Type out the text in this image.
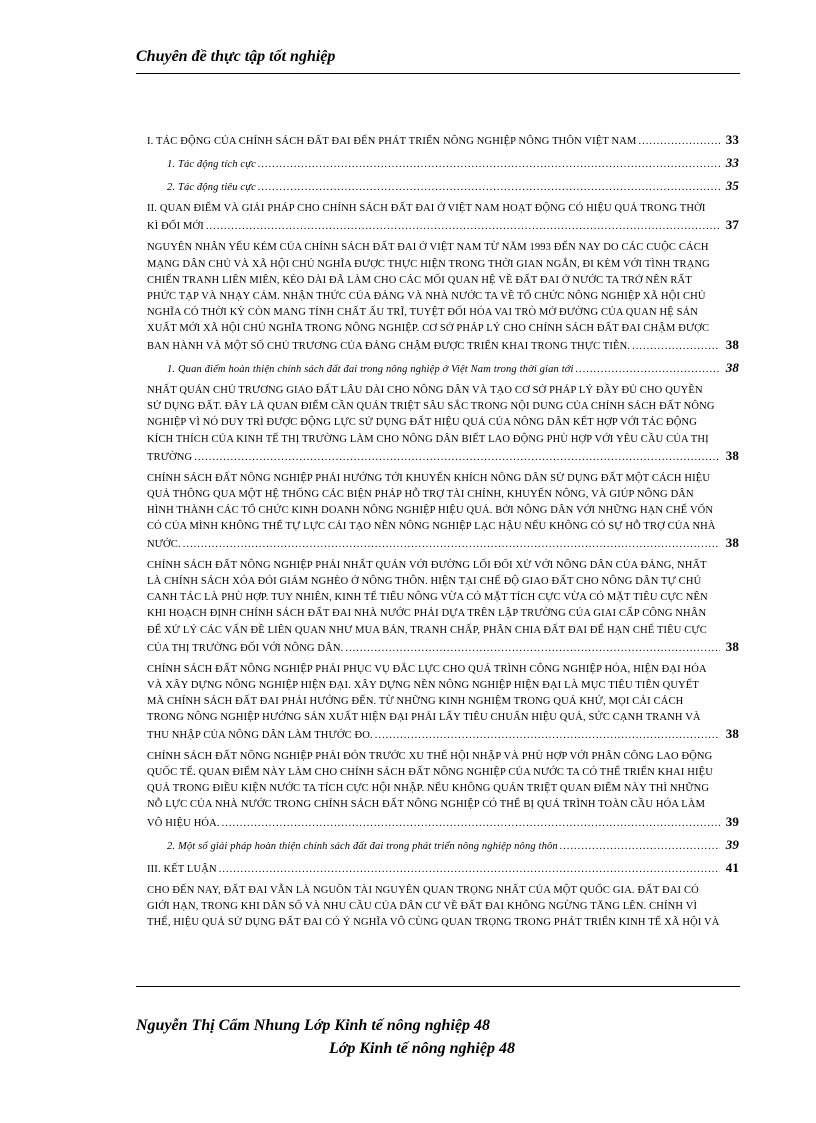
Chuyên đề thực tập tốt nghiệp
I. TÁC ĐỘNG CỦA CHÍNH SÁCH ĐẤT ĐAI ĐẾN PHÁT TRIỂN NÔNG NGHIỆP NÔNG THÔN VIỆT NAM .....	33
1. Tác động tích cực .....	33
2. Tác động tiêu cực .....	35
II. QUAN ĐIỂM VÀ GIẢI PHÁP CHO CHÍNH SÁCH ĐẤT ĐAI Ở VIỆT NAM HOẠT ĐỘNG CÓ HIỆU QUẢ TRONG THỜI
KÌ ĐỔI MỚI .....	37
NGUYÊN NHÂN YẾU KÉM CỦA CHÍNH SÁCH ĐẤT ĐAI Ở VIỆT NAM TỪ NĂM 1993 ĐẾN NAY DO CÁC CUỘC CÁCH
MẠNG DÂN CHỦ VÀ XÃ HỘI CHỦ NGHĨA ĐƯỢC THỰC HIỆN TRONG THỜI GIAN NGẮN, ĐI KÈM VỚI TÌNH TRẠNG
CHIẾN TRANH LIÊN MIÊN, KÉO DÀI ĐÃ LÀM CHO CÁC MỐI QUAN HỆ VỀ ĐẤT ĐAI Ở NƯỚC TA TRỞ NÊN RẤT
PHỨC TẠP VÀ NHẠY CẢM. NHẬN THỨC CỦA ĐẢNG VÀ NHÀ NƯỚC TA VỀ TỔ CHỨC NÔNG NGHIỆP XÃ HỘI CHỦ
NGHĨA CÓ THỜI KỲ CÒN MANG TÍNH CHẤT ẤU TRĨ, TUYỆT ĐỐI HÓA VAI TRÒ MỞ ĐƯỜNG CỦA QUAN HỆ SẢN
XUẤT MỚI XÃ HỘI CHỦ NGHĨA TRONG NÔNG NGHIỆP. CƠ SỞ PHÁP LÝ CHO CHÍNH SÁCH ĐẤT ĐAI CHẬM ĐƯỢC
BAN HÀNH VÀ MỘT SỐ CHỦ TRƯƠNG CỦA ĐẢNG CHẬM ĐƯỢC TRIỂN KHAI TRONG THỰC TIỄN. .....	38
1. Quan điểm hoàn thiện chính sách đất đai trong nông nghiệp ở Việt Nam trong thời gian tới .....	38
NHẤT QUÁN CHỦ TRƯƠNG GIAO ĐẤT LÂU DÀI CHO NÔNG DÂN VÀ TẠO CƠ SỞ PHÁP LÝ ĐẦY ĐỦ CHO QUYỀN
SỬ DỤNG ĐẤT. ĐÂY LÀ QUAN ĐIỂM CẦN QUÁN TRIỆT SÂU SẮC TRONG NỘI DUNG CỦA CHÍNH SÁCH ĐẤT NÔNG
NGHIỆP VÌ NÓ DUY TRÌ ĐƯỢC ĐỘNG LỰC SỬ DỤNG ĐẤT HIỆU QUẢ CỦA NÔNG DÂN KẾT HỢP VỚI TÁC ĐỘNG
KÍCH THÍCH CỦA KINH TẾ THỊ TRƯỜNG LÀM CHO NÔNG DÂN BIẾT LAO ĐỘNG PHÙ HỢP VỚI YÊU CẦU CỦA THỊ
TRƯỜNG .....	38
CHÍNH SÁCH ĐẤT NÔNG NGHIỆP PHẢI HƯỚNG TỚI KHUYẾN KHÍCH NÔNG DÂN SỬ DỤNG ĐẤT MỘT CÁCH HIỆU
QUẢ THÔNG QUA MỘT HỆ THỐNG CÁC BIỆN PHÁP HỖ TRỢ TÀI CHÍNH, KHUYẾN NÔNG, VÀ GIÚP NÔNG DÂN
HÌNH THÀNH CÁC TỔ CHỨC KINH DOANH NÔNG NGHIỆP HIỆU QUẢ. BỞI NÔNG DÂN VỚI NHỮNG HẠN CHẾ VỐN
CÓ CỦA MÌNH KHÔNG THỂ TỰ LỰC CẢI TẠO NỀN NÔNG NGHIỆP LẠC HẬU NẾU KHÔNG CÓ SỰ HỖ TRỢ CỦA NHÀ
NƯỚC. .....	38
CHÍNH SÁCH ĐẤT NÔNG NGHIỆP PHẢI NHẤT QUÁN VỚI ĐƯỜNG LỐI ĐỐI XỬ VỚI NÔNG DÂN CỦA ĐẢNG, NHẤT
LÀ CHÍNH SÁCH XÓA ĐÓI GIẢM NGHÈO Ở NÔNG THÔN. HIỆN TẠI CHẾ ĐỘ GIAO ĐẤT CHO NÔNG DÂN TỰ CHỦ
CANH TÁC LÀ PHÙ HỢP. TUY NHIÊN, KINH TẾ TIỂU NÔNG VỪA CÓ MẶT TÍCH CỰC VỪA CÓ MẶT TIÊU CỰC NÊN
KHI HOẠCH ĐỊNH CHÍNH SÁCH ĐẤT ĐAI NHÀ NƯỚC PHẢI DỰA TRÊN LẬP TRƯỜNG CỦA GIAI CẤP CÔNG NHÂN
ĐỂ XỬ LÝ CÁC VẤN ĐỀ LIÊN QUAN NHƯ MUA BÁN, TRANH CHẤP, PHÂN CHIA ĐẤT ĐAI ĐỂ HẠN CHẾ TIÊU CỰC
CỦA THỊ TRƯỜNG ĐỐI VỚI NÔNG DÂN. .....	38
CHÍNH SÁCH ĐẤT NÔNG NGHIỆP PHẢI PHỤC VỤ ĐẮC LỰC CHO QUÁ TRÌNH CÔNG NGHIỆP HÓA, HIỆN ĐẠI HÓA
VÀ XÂY DỰNG NÔNG NGHIỆP HIỆN ĐẠI. XÂY DỰNG NỀN NÔNG NGHIỆP HIỆN ĐẠI LÀ MỤC TIÊU TIÊN QUYẾT
MÀ CHÍNH SÁCH ĐẤT ĐAI PHẢI HƯỚNG ĐẾN. TỪ NHỮNG KINH NGHIỆM TRONG QUÁ KHỨ, MỌI CẢI CÁCH
TRONG NÔNG NGHIỆP HƯỚNG SẢN XUẤT HIỆN ĐẠI PHẢI LẤY TIÊU CHUẨN HIỆU QUẢ, SỨC CẠNH TRANH VÀ
THU NHẬP CỦA NÔNG DÂN LÀM THƯỚC ĐO. .....	38
CHÍNH SÁCH ĐẤT NÔNG NGHIỆP PHẢI ĐÓN TRƯỚC XU THẾ HỘI NHẬP VÀ PHÙ HỢP VỚI PHÂN CÔNG LAO ĐỘNG
QUỐC TẾ. QUAN ĐIỂM NÀY LÀM CHO CHÍNH SÁCH ĐẤT NÔNG NGHIỆP CỦA NƯỚC TA CÓ THỂ TRIỂN KHAI HIỆU
QUẢ TRONG ĐIỀU KIỆN NƯỚC TA TÍCH CỰC HỘI NHẬP. NẾU KHÔNG QUÁN TRIỆT QUAN ĐIỂM NÀY THÌ NHỮNG
NỖ LỰC CỦA NHÀ NƯỚC TRONG CHÍNH SÁCH ĐẤT NÔNG NGHIỆP CÓ THỂ BỊ QUÁ TRÌNH TOÀN CẦU HÓA LÀM
VÔ HIỆU HÓA. .....	39
2. Một số giải pháp hoàn thiện chính sách đất đai trong phát triển nông nghiệp nông thôn .....	39
III. KẾT LUẬN .....	41
CHO ĐẾN NAY, ĐẤT ĐAI VẪN LÀ NGUỒN TÀI NGUYÊN QUAN TRỌNG NHẤT CỦA MỘT QUỐC GIA. ĐẤT ĐAI CÓ
GIỚI HẠN, TRONG KHI DÂN SỐ VÀ NHU CẦU CỦA DÂN CƯ VỀ ĐẤT ĐAI KHÔNG NGỪNG TĂNG LÊN. CHÍNH VÌ
THẾ, HIỆU QUẢ SỬ DỤNG ĐẤT ĐAI CÓ Ý NGHĨA VÔ CÙNG QUAN TRỌNG TRONG PHÁT TRIỂN KINH TẾ XÃ HỘI VÀ
Nguyễn Thị Cẩm Nhung Lớp Kinh tế nông nghiệp 48
Lớp Kinh tế nông nghiệp 48
